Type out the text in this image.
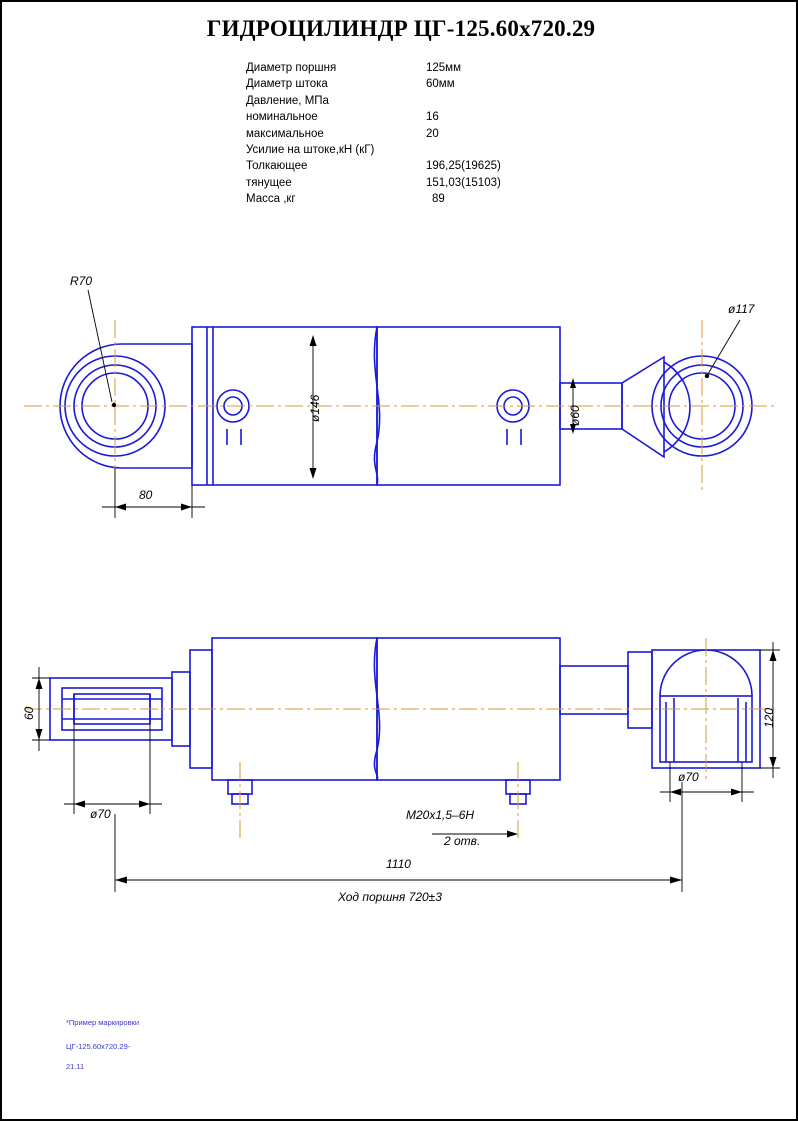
ГИДРОЦИЛИНДР ЦГ-125.60x720.29
Диаметр поршня	125мм
Диаметр штока	60мм
Давление, МПа
номинальное	16
максимальное	20
Усилие на штоке,кН (кГ)
Толкающее	196,25(19625)
тянущее	151,03(15103)
Масса ,кг	89
R70
ø117
ø146	ø60
80
60	120
ø70
ø70
M20x1,5–6H
2 отв.
1110
Ход поршня 720±3
*Пример маркировки
ЦГ-125.60х720.29-
21.11
